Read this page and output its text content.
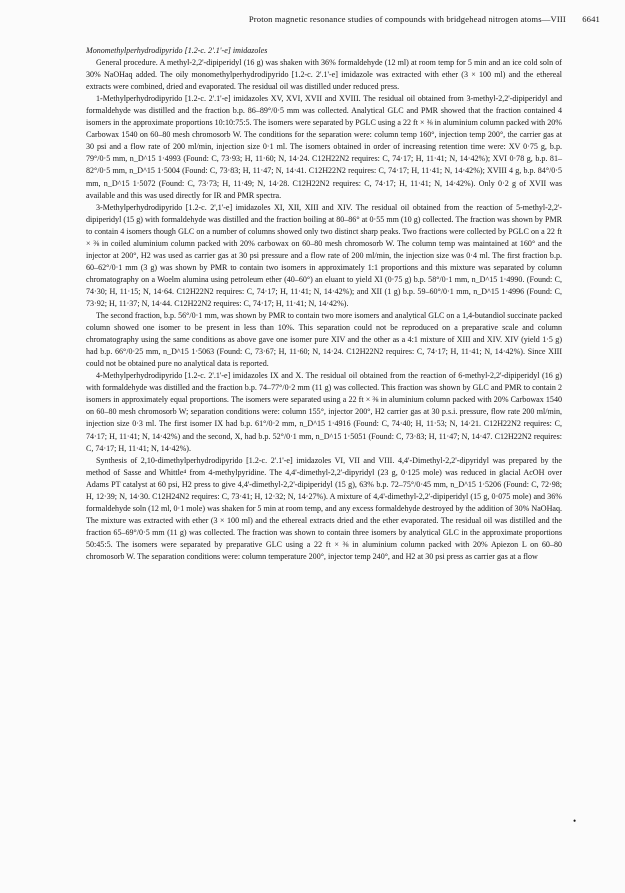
Proton magnetic resonance studies of compounds with bridgehead nitrogen atoms—VIII 6641

Monomethylperhydrodipyrido [1.2-c. 2'.1'-e] imidazoles

General procedure. A methyl-2,2'-dipiperidyl (16 g) was shaken with 36% formaldehyde (12 ml) at room temp for 5 min and an ice cold soln of 30% NaOHaq added. The oily monomethylperhydrodipyrido [1.2-c. 2'.1'-e] imidazole was extracted with ether (3 × 100 ml) and the ethereal extracts were combined, dried and evaporated. The residual oil was distilled under reduced press.

1-Methylperhydrodipyrido [1.2-c. 2'.1'-e] imidazoles XV, XVI, XVII and XVIII. The residual oil obtained from 3-methyl-2,2'-dipiperidyl and formaldehyde was distilled and the fraction b.p. 86–89°/0·5 mm was collected. Analytical GLC and PMR showed that the fraction contained 4 isomers in the approximate proportions 10:10:75:5. The isomers were separated by PGLC using a 22 ft × ⅜ in aluminium column packed with 20% Carbowax 1540 on 60–80 mesh chromosorb W. The conditions for the separation were: column temp 160°, injection temp 200°, the carrier gas at 30 psi and a flow rate of 200 ml/min, injection size 0·1 ml. The isomers obtained in order of increasing retention time were: XV 0·75 g, b.p. 79°/0·5 mm, n_D^15 1·4993 (Found: C, 73·93; H, 11·60; N, 14·24. C12H22N2 requires: C, 74·17; H, 11·41; N, 14·42%); XVI 0·78 g, b.p. 81–82°/0·5 mm, n_D^15 1·5004 (Found: C, 73·83; H, 11·47; N, 14·41. C12H22N2 requires: C, 74·17; H, 11·41; N, 14·42%); XVIII 4 g, b.p. 84°/0·5 mm, n_D^15 1·5072 (Found: C, 73·73; H, 11·49; N, 14·28. C12H22N2 requires: C, 74·17; H, 11·41; N, 14·42%). Only 0·2 g of XVII was available and this was used directly for IR and PMR spectra.

3-Methylperhydrodipyrido [1.2-c. 2',1'-e] imidazoles XI, XII, XIII and XIV. The residual oil obtained from the reaction of 5-methyl-2,2'-dipiperidyl (15 g) with formaldehyde was distilled and the fraction boiling at 80–86° at 0·55 mm (10 g) collected. The fraction was shown by PMR to contain 4 isomers though GLC on a number of columns showed only two distinct sharp peaks. Two fractions were collected by PGLC on a 22 ft × ⅜ in coiled aluminium column packed with 20% carbowax on 60–80 mesh chromosorb W. The column temp was maintained at 160° and the injector at 200°, H2 was used as carrier gas at 30 psi pressure and a flow rate of 200 ml/min, the injection size was 0·4 ml. The first fraction b.p. 60–62°/0·1 mm (3 g) was shown by PMR to contain two isomers in approximately 1:1 proportions and this mixture was separated by column chromatography on a Woelm alumina using petroleum ether (40–60°) an eluant to yield XI (0·75 g) b.p. 58°/0·1 mm, n_D^15 1·4990. (Found: C, 74·30; H, 11·15; N, 14·64. C12H22N2 requires: C, 74·17; H, 11·41; N, 14·42%); and XII (1 g) b.p. 59–60°/0·1 mm, n_D^15 1·4996 (Found: C, 73·92; H, 11·37; N, 14·44. C12H22N2 requires: C, 74·17; H, 11·41; N, 14·42%).

The second fraction, b.p. 56°/0·1 mm, was shown by PMR to contain two more isomers and analytical GLC on a 1,4-butandiol succinate packed column showed one isomer to be present in less than 10%. This separation could not be reproduced on a preparative scale and column chromatography using the same conditions as above gave one isomer pure XIV and the other as a 4:1 mixture of XIII and XIV. XIV (yield 1·5 g) had b.p. 66°/0·25 mm, n_D^15 1·5063 (Found: C, 73·67; H, 11·60; N, 14·24. C12H22N2 requires: C, 74·17; H, 11·41; N, 14·42%). Since XIII could not be obtained pure no analytical data is reported.

4-Methylperhydrodipyrido [1.2-c. 2'.1'-e] imidazoles IX and X. The residual oil obtained from the reaction of 6-methyl-2,2'-dipiperidyl (16 g) with formaldehyde was distilled and the fraction b.p. 74–77°/0·2 mm (11 g) was collected. This fraction was shown by GLC and PMR to contain 2 isomers in approximately equal proportions. The isomers were separated using a 22 ft × ⅜ in aluminium column packed with 20% Carbowax 1540 on 60–80 mesh chromosorb W; separation conditions were: column 155°, injector 200°, H2 carrier gas at 30 p.s.i. pressure, flow rate 200 ml/min, injection size 0·3 ml. The first isomer IX had b.p. 61°/0·2 mm, n_D^15 1·4916 (Found: C, 74·40; H, 11·53; N, 14·21. C12H22N2 requires: C, 74·17; H, 11·41; N, 14·42%) and the second, X, had b.p. 52°/0·1 mm, n_D^15 1·5051 (Found: C, 73·83; H, 11·47; N, 14·47. C12H22N2 requires: C, 74·17; H, 11·41; N, 14·42%).

Synthesis of 2,10-dimethylperhydrodipyrido [1.2-c. 2'.1'-e] imidazoles VI, VII and VIII. 4,4'-Dimethyl-2,2'-dipyridyl was prepared by the method of Sasse and Whittle⁴ from 4-methylpyridine. The 4,4'-dimethyl-2,2'-dipyridyl (23 g, 0·125 mole) was reduced in glacial AcOH over Adams PT catalyst at 60 psi, H2 press to give 4,4'-dimethyl-2,2'-dipiperidyl (15 g), 63% b.p. 72–75°/0·45 mm, n_D^15 1·5206 (Found: C, 72·98; H, 12·39; N, 14·30. C12H24N2 requires: C, 73·41; H, 12·32; N, 14·27%). A mixture of 4,4'-dimethyl-2,2'-dipiperidyl (15 g, 0·075 mole) and 36% formaldehyde soln (12 ml, 0·1 mole) was shaken for 5 min at room temp, and any excess formaldehyde destroyed by the addition of 30% NaOHaq. The mixture was extracted with ether (3 × 100 ml) and the ethereal extracts dried and the ether evaporated. The residual oil was distilled and the fraction 65–69°/0·5 mm (11 g) was collected. The fraction was shown to contain three isomers by analytical GLC in the approximate proportions 50:45:5. The isomers were separated by preparative GLC using a 22 ft × ⅜ in aluminium column packed with 20% Apiezon L on 60–80 chromosorb W. The separation conditions were: column temperature 200°, injector temp 240°, and H2 at 30 psi press as carrier gas at a flow

•
